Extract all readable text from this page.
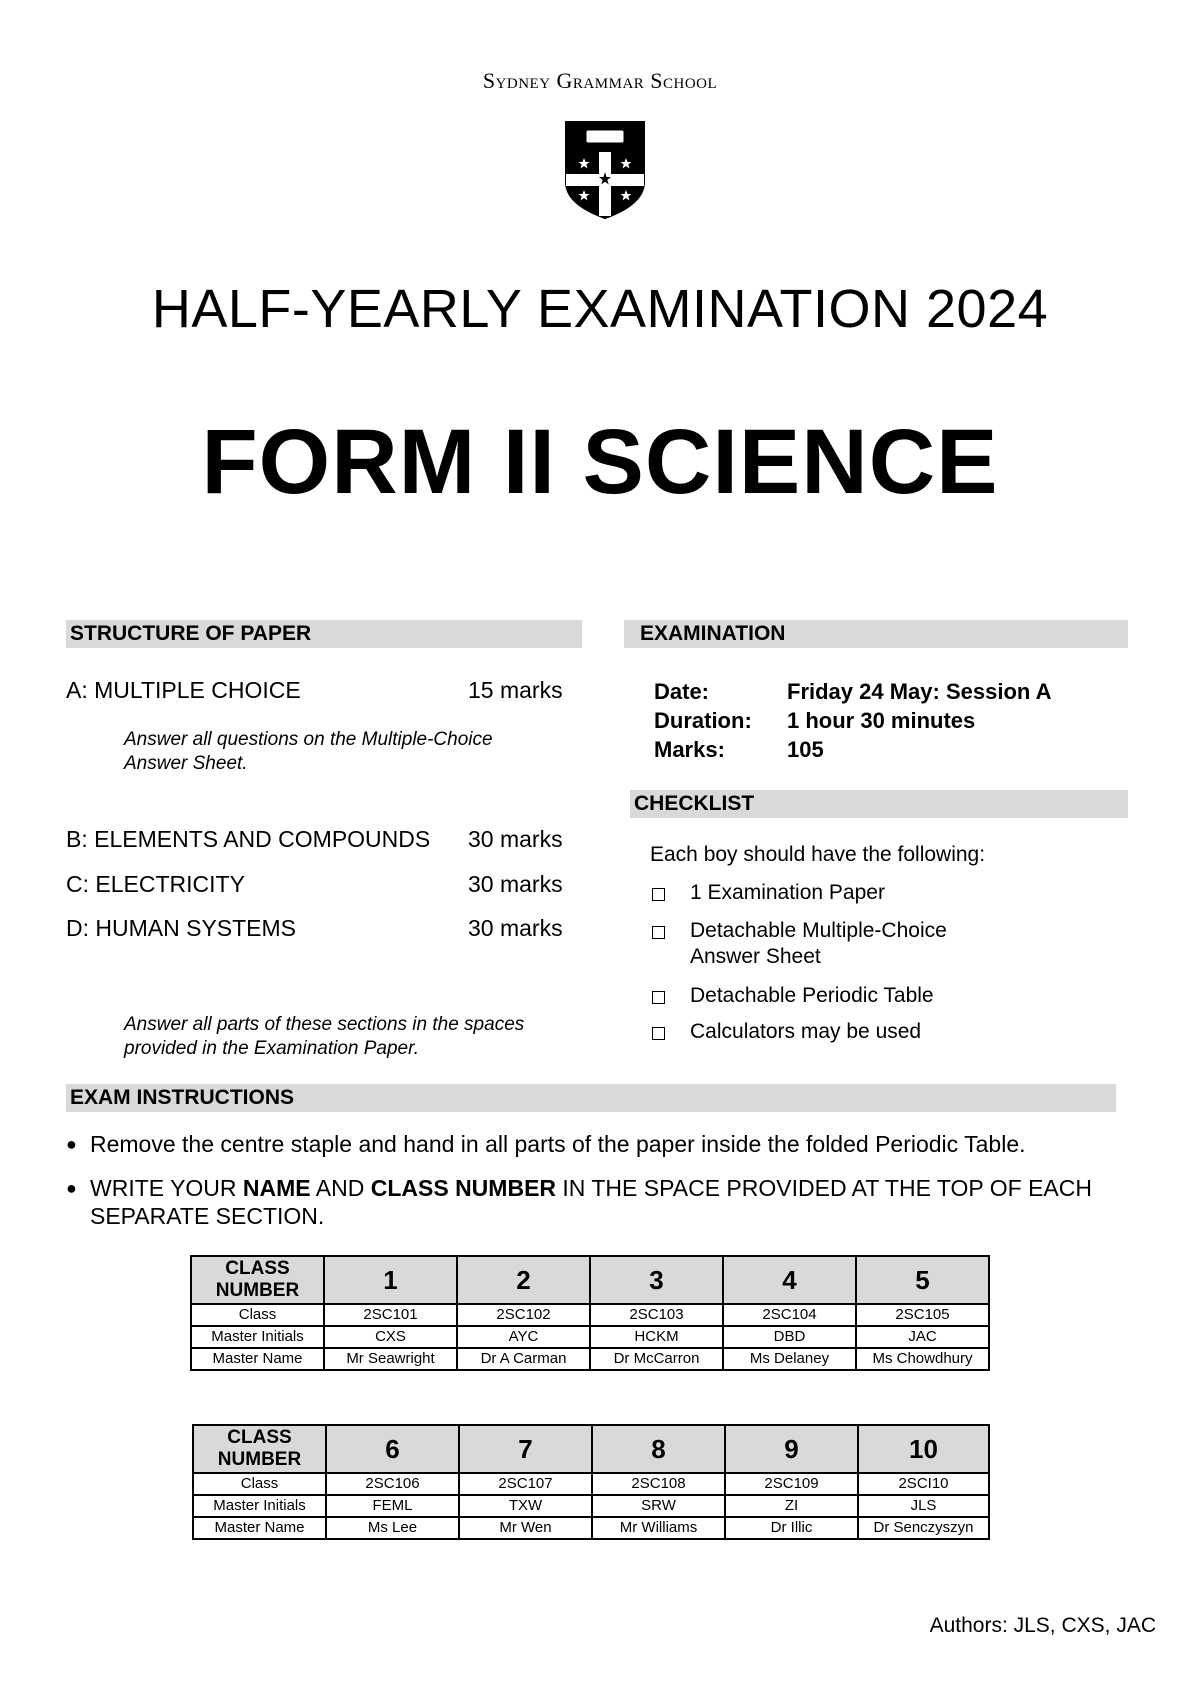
Sydney Grammar School
HALF-YEARLY EXAMINATION 2024
FORM II SCIENCE
STRUCTURE OF PAPER
A: MULTIPLE CHOICE	15 marks
Answer all questions on the Multiple-Choice Answer Sheet.
B: ELEMENTS AND COMPOUNDS 30 marks
C: ELECTRICITY	30 marks
D: HUMAN SYSTEMS	30 marks
Answer all parts of these sections in the spaces provided in the Examination Paper.
EXAMINATION
Date:	Friday 24 May: Session A
Duration: 1 hour 30 minutes
Marks:	105
CHECKLIST
Each boy should have the following:
1 Examination Paper
Detachable Multiple-Choice Answer Sheet
Detachable Periodic Table
Calculators may be used
EXAM INSTRUCTIONS
● Remove the centre staple and hand in all parts of the paper inside the folded Periodic Table.
● WRITE YOUR NAME AND CLASS NUMBER IN THE SPACE PROVIDED AT THE TOP OF EACH SEPARATE SECTION.
CLASS NUMBER	1	2	3	4	5
Class	2SC101	2SC102	2SC103	2SC104	2SC105
Master Initials	CXS	AYC	HCKM	DBD	JAC
Master Name	Mr Seawright	Dr A Carman	Dr McCarron	Ms Delaney	Ms Chowdhury
CLASS NUMBER	6	7	8	9	10
Class	2SC106	2SC107	2SC108	2SC109	2SCI10
Master Initials	FEML	TXW	SRW	ZI	JLS
Master Name	Ms Lee	Mr Wen	Mr Williams	Dr Illic	Dr Senczyszyn
Authors: JLS, CXS, JAC
